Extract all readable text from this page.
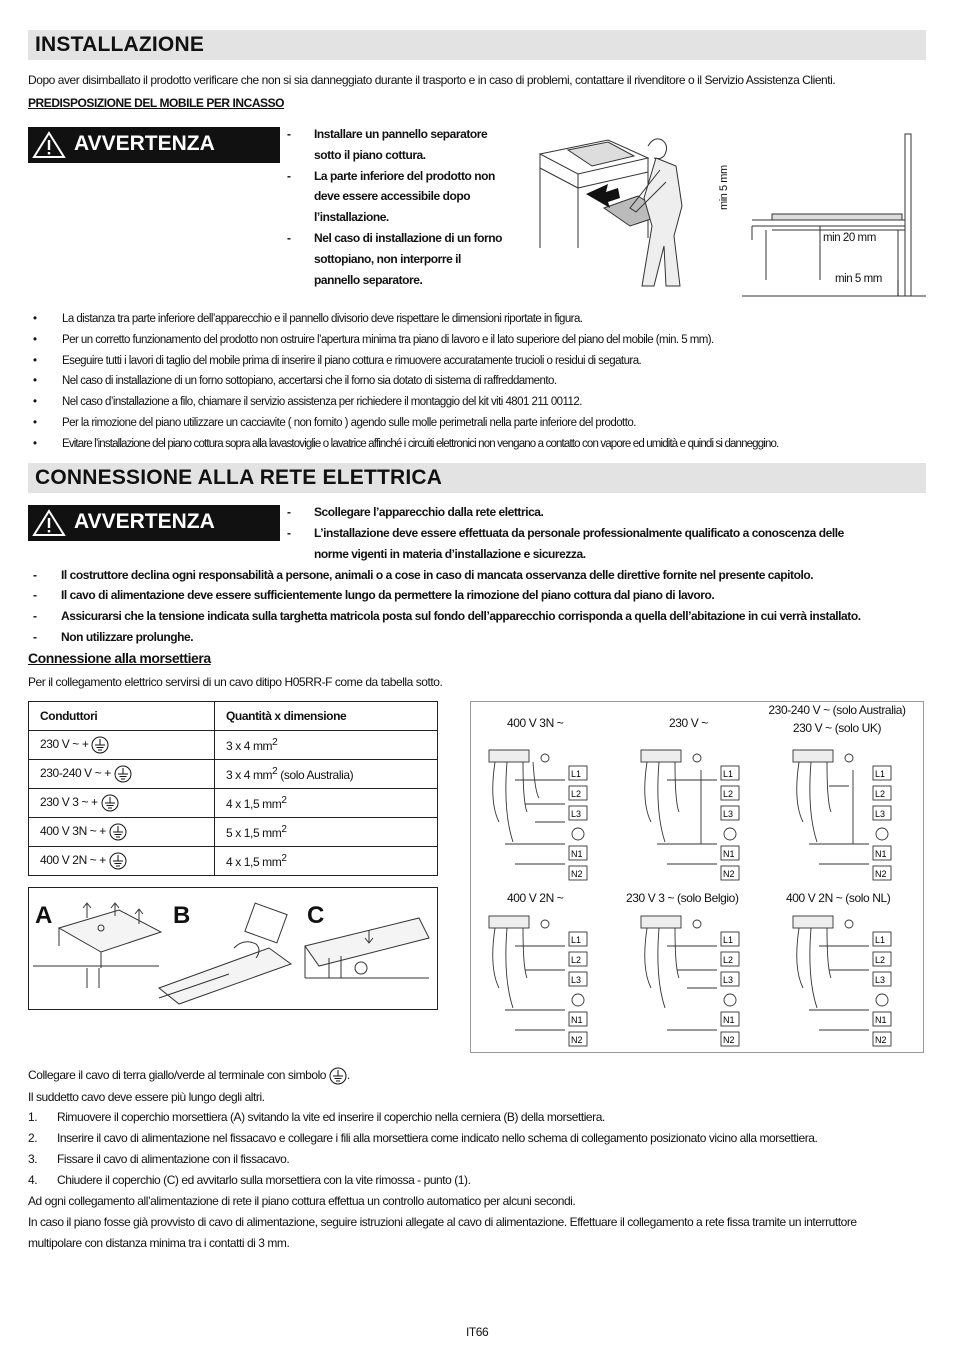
INSTALLAZIONE
Dopo aver disimballato il prodotto verificare che non si sia danneggiato durante il trasporto e in caso di problemi, contattare il rivenditore o il Servizio Assistenza Clienti.
PREDISPOSIZIONE DEL MOBILE PER INCASSO
AVVERTENZA	- Installare un pannello separatore
sotto il piano cottura.
- La parte inferiore del prodotto non
deve essere accessibile dopo
l’installazione.
- Nel caso di installazione di un forno
sottopiano, non interporre il
pannello separatore.
min 5 mm
min 20 mm
min 5 mm
• La distanza tra parte inferiore dell’apparecchio e il pannello divisorio deve rispettare le dimensioni riportate in figura.
• Per un corretto funzionamento del prodotto non ostruire l’apertura minima tra piano di lavoro e il lato superiore del piano del mobile (min. 5 mm).
• Eseguire tutti i lavori di taglio del mobile prima di inserire il piano cottura e rimuovere accuratamente trucioli o residui di segatura.
• Nel caso di installazione di un forno sottopiano, accertarsi che il forno sia dotato di sistema di raffreddamento.
• Nel caso d’installazione a filo, chiamare il servizio assistenza per richiedere il montaggio del kit viti 4801 211 00112.
• Per la rimozione del piano utilizzare un cacciavite ( non fornito ) agendo sulle molle perimetrali nella parte inferiore del prodotto.
• Evitare l’installazione del piano cottura sopra alla lavastoviglie o lavatrice affinché i circuiti elettronici non vengano a contatto con vapore ed umidità e quindi si danneggino.
CONNESSIONE ALLA RETE ELETTRICA
AVVERTENZA	- Scollegare l’apparecchio dalla rete elettrica.
- L’installazione deve essere effettuata da personale professionalmente qualificato a conoscenza delle
norme vigenti in materia d’installazione e sicurezza.
- Il costruttore declina ogni responsabilità a persone, animali o a cose in caso di mancata osservanza delle direttive fornite nel presente capitolo.
- Il cavo di alimentazione deve essere sufficientemente lungo da permettere la rimozione del piano cottura dal piano di lavoro.
- Assicurarsi che la tensione indicata sulla targhetta matricola posta sul fondo dell’apparecchio corrisponda a quella dell’abitazione in cui verrà installato.
- Non utilizzare prolunghe.
Connessione alla morsettiera
Per il collegamento elettrico servirsi di un cavo ditipo H05RR-F come da tabella sotto.
Conduttori	Quantità x dimensione
230 V ~ +	3 x 4 $mm^2$
230-240 V ~ +	3 x 4 $mm^2$ (solo Australia)
230 V 3 ~ +	4 x 1,5 $mm^2$
400 V 3N ~ +	5 x 1,5 $mm^2$
400 V 2N ~ +	4 x 1,5 $mm^2$
A	B	C
400 V 3N ~	230 V ~
230-240 V ~ (solo Australia)
230 V ~ (solo UK)
400 V 2N ~	230 V 3 ~ (solo Belgio)	400 V 2N ~ (solo NL)
L1
L2
L3
N1
N2
L1
L2
L3
N1
N2
L1
L2
L3
N1
N2
L1
L2
L3
N1
N2
L1
L2
L3
N1
N2
L1
L2
L3
N1
N2
Collegare il cavo di terra giallo/verde al terminale con simbolo .
Il suddetto cavo deve essere più lungo degli altri.
1. Rimuovere il coperchio morsettiera (A) svitando la vite ed inserire il coperchio nella cerniera (B) della morsettiera.
2. Inserire il cavo di alimentazione nel fissacavo e collegare i fili alla morsettiera come indicato nello schema di collegamento posizionato vicino alla morsettiera.
3. Fissare il cavo di alimentazione con il fissacavo.
4. Chiudere il coperchio (C) ed avvitarlo sulla morsettiera con la vite rimossa - punto (1).
Ad ogni collegamento all’alimentazione di rete il piano cottura effettua un controllo automatico per alcuni secondi.
In caso il piano fosse già provvisto di cavo di alimentazione, seguire istruzioni allegate al cavo di alimentazione. Effettuare il collegamento a rete fissa tramite un interruttore
multipolare con distanza minima tra i contatti di 3 mm.
IT66
